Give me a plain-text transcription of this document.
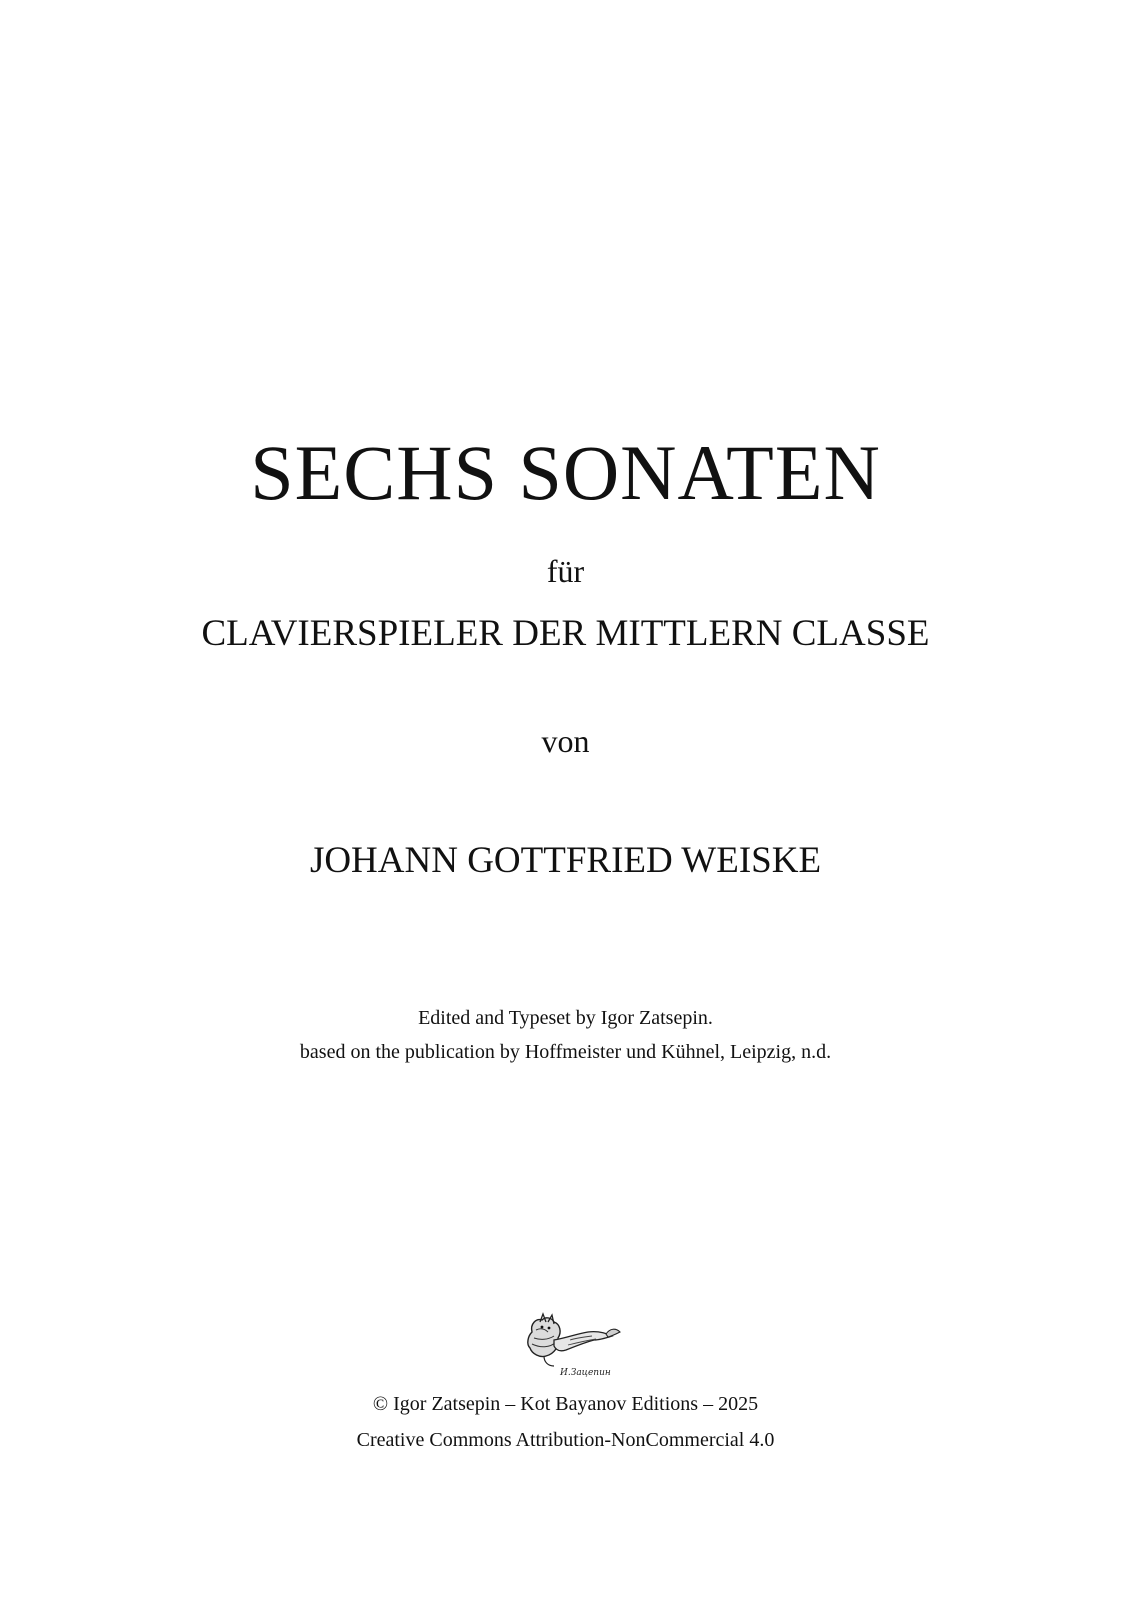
SECHS SONATEN
für
CLAVIERSPIELER DER MITTLERN CLASSE
von
JOHANN GOTTFRIED WEISKE
Edited and Typeset by Igor Zatsepin.
based on the publication by Hoffmeister und Kühnel, Leipzig, n.d.
И.Зацепин
© Igor Zatsepin – Kot Bayanov Editions – 2025
Creative Commons Attribution-NonCommercial 4.0
